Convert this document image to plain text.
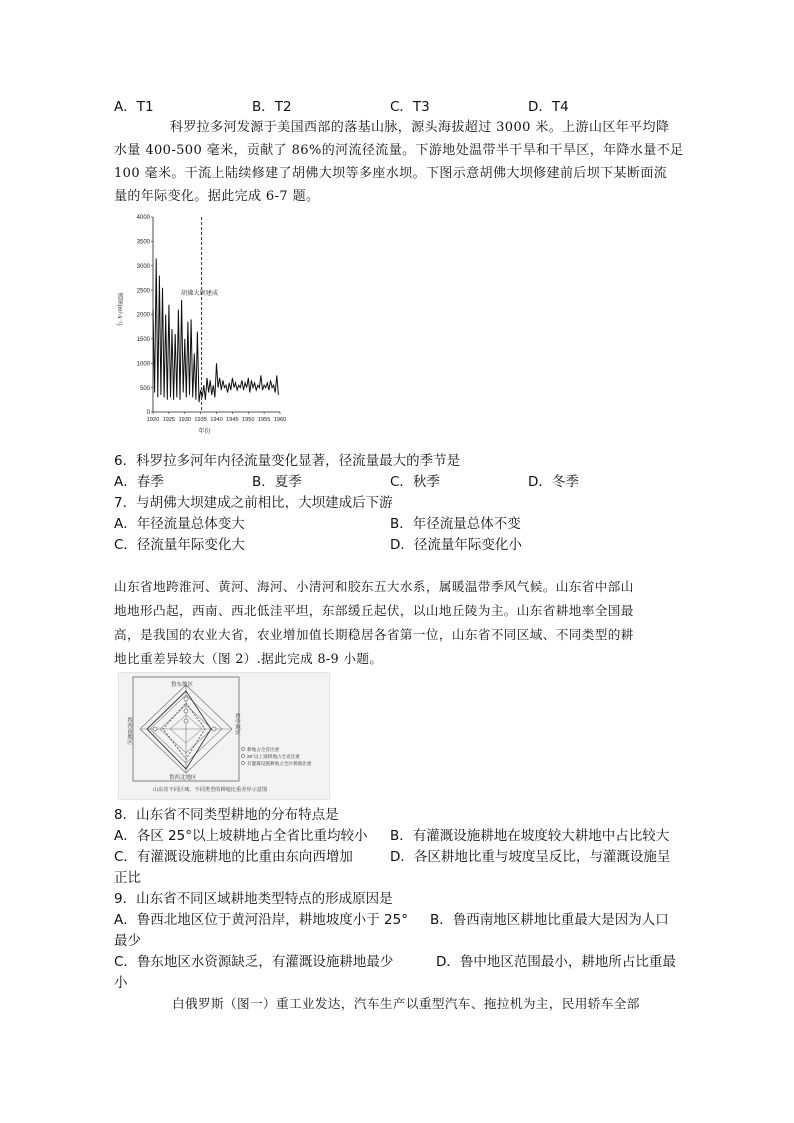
A．T1	B．T2	C．T3	D．T4
科罗拉多河发源于美国西部的落基山脉，源头海拔超过 3000 米。上游山区年平均降
水量 400-500 毫米，贡献了 86%的河流径流量。下游地处温带半干旱和干旱区，年降水量不足
100 毫米。干流上陆续修建了胡佛大坝等多座水坝。下图示意胡佛大坝修建前后坝下某断面流
量的年际变化。据此完成 6-7 题。
0
500
1000
1500
2000
2500
3000
3500
4000
1920 1925 1930 1935 1940 1945 1950 1955 1960
年份
流量(m³·s⁻¹)	胡佛大坝建成
6．科罗拉多河年内径流量变化显著，径流量最大的季节是
A．春季	B．夏季	C．秋季	D．冬季
7．与胡佛大坝建成之前相比，大坝建成后下游
A．年径流量总体变大	B．年径流量总体不变
C．径流量年际变化大	D．径流量年际变化小
山东省地跨淮河、黄河、海河、小清河和胶东五大水系，属暖温带季风气候。山东省中部山
地地形凸起，西南、西北低洼平坦，东部缓丘起伏，以山地丘陵为主。山东省耕地率全国最
高，是我国的农业大省，农业增加值长期稳居各省第一位，山东省不同区域、不同类型的耕
地比重差异较大（图 2）.据此完成 8-9 小题。
鲁东地区
鲁中地区
鲁西南地区
鲁西北地区
耕地占全省比重
25°以上坡耕地占全省比重
有灌溉设施耕地占全区耕地比重
山东省不同区域、不同类型的耕地比重差异示意图
8．山东省不同类型耕地的分布特点是
A．各区 25°以上坡耕地占全省比重均较小 B．有灌溉设施耕地在坡度较大耕地中占比较大
C．有灌溉设施耕地的比重由东向西增加	D．各区耕地比重与坡度呈反比，与灌溉设施呈
正比
9．山东省不同区域耕地类型特点的形成原因是
A．鲁西北地区位于黄河沿岸，耕地坡度小于 25° B．鲁西南地区耕地比重最大是因为人口
最少
C．鲁东地区水资源缺乏，有灌溉设施耕地最少	D．鲁中地区范围最小，耕地所占比重最
小
白俄罗斯（图一）重工业发达，汽车生产以重型汽车、拖拉机为主，民用轿车全部
